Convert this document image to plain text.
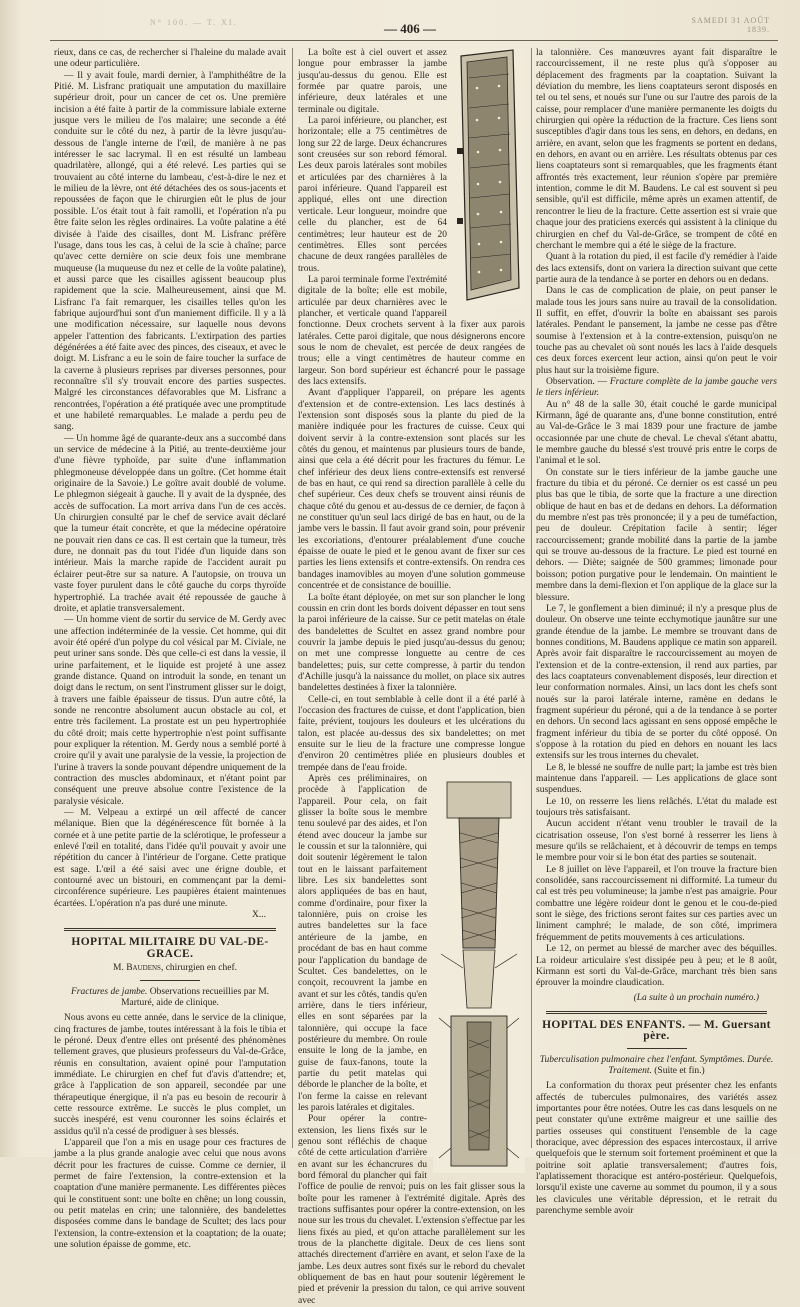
N° 100. — T. XI.	— 406 —
SAMEDI 31 AOÛT 1839.

rieux, dans ce cas, de rechercher si l'haleine du malade avait une odeur particulière.

— Il y avait foule, mardi dernier, à l'amphithéâtre de la Pitié. M. Lisfranc pratiquait une amputation du maxillaire supérieur droit, pour un cancer de cet os. Une première incision a été faite à partir de la commissure labiale externe jusque vers le milieu de l'os malaire; une seconde a été conduite sur le côté du nez, à partir de la lèvre jusqu'au-dessous de l'angle interne de l'œil, de manière à ne pas intéresser le sac lacrymal. Il en est résulté un lambeau quadrilatère, allongé, qui a été relevé. Les parties qui se trouvaient au côté interne du lambeau, c'est-à-dire le nez et le milieu de la lèvre, ont été détachées des os sous-jacents et repoussées de façon que le chirurgien eût le plus de jour possible. L'os était tout à fait ramolli, et l'opération n'a pu être faite selon les règles ordinaires. La voûte palatine a été divisée à l'aide des cisailles, dont M. Lisfranc préfère l'usage, dans tous les cas, à celui de la scie à chaîne; parce qu'avec cette dernière on scie deux fois une membrane muqueuse (la muqueuse du nez et celle de la voûte palatine), et aussi parce que les cisailles agissent beaucoup plus rapidement que la scie. Malheureusement, ainsi que M. Lisfranc l'a fait remarquer, les cisailles telles qu'on les fabrique aujourd'hui sont d'un maniement difficile. Il y a là une modification nécessaire, sur laquelle nous devons appeler l'attention des fabricants. L'extirpation des parties dégénérées a été faite avec des pinces, des ciseaux, et avec le doigt. M. Lisfranc a eu le soin de faire toucher la surface de la caverne à plusieurs reprises par diverses personnes, pour reconnaître s'il s'y trouvait encore des parties suspectes. Malgré les circonstances défavorables que M. Lisfranc a rencontrées, l'opération a été pratiquée avec une promptitude et une habileté remarquables. Le malade a perdu peu de sang.

— Un homme âgé de quarante-deux ans a succombé dans un service de médecine à la Pitié, au trente-deuxième jour d'une fièvre typhoïde, par suite d'une inflammation phlegmoneuse développée dans un goître. (Cet homme était originaire de la Savoie.) Le goître avait doublé de volume. Le phlegmon siégeait à gauche. Il y avait de la dyspnée, des accès de suffocation. La mort arriva dans l'un de ces accès. Un chirurgien consulté par le chef de service avait déclaré que la tumeur était concrète, et que la médecine opératoire ne pouvait rien dans ce cas. Il est certain que la tumeur, très dure, ne donnait pas du tout l'idée d'un liquide dans son intérieur. Mais la marche rapide de l'accident aurait pu éclairer peut-être sur sa nature. A l'autopsie, on trouva un vaste foyer purulent dans le côté gauche du corps thyroïde hypertrophié. La trachée avait été repoussée de gauche à droite, et aplatie transversalement.

— Un homme vient de sortir du service de M. Gerdy avec une affection indéterminée de la vessie. Cet homme, qui dit avoir été opéré d'un polype du col vésical par M. Civiale, ne peut uriner sans sonde. Dès que celle-ci est dans la vessie, il urine parfaitement, et le liquide est projeté à une assez grande distance. Quand on introduit la sonde, en tenant un doigt dans le rectum, on sent l'instrument glisser sur le doigt, à travers une faible épaisseur de tissus. D'un autre côté, la sonde ne rencontre absolument aucun obstacle au col, et entre très facilement. La prostate est un peu hypertrophiée du côté droit; mais cette hypertrophie n'est point suffisante pour expliquer la rétention. M. Gerdy nous a semblé porté à croire qu'il y avait une paralysie de la vessie, la projection de l'urine à travers la sonde pouvant dépendre uniquement de la contraction des muscles abdominaux, et n'étant point par conséquent une preuve absolue contre l'existence de la paralysie vésicale.

— M. Velpeau a extirpé un œil affecté de cancer mélanique. Bien que la dégénérescence fût bornée à la cornée et à une petite partie de la sclérotique, le professeur a enlevé l'œil en totalité, dans l'idée qu'il pouvait y avoir une répétition du cancer à l'intérieur de l'organe. Cette pratique est sage. L'œil a été saisi avec une érigne double, et contourné avec un bistouri, en commençant par la demi-circonférence supérieure. Les paupières étaient maintenues écartées. L'opération n'a pas duré une minute.

X...

HOPITAL MILITAIRE DU VAL-DE-GRACE.

M. Baudens, chirurgien en chef.

Fractures de jambe. Observations recueillies par M. Marturé, aide de clinique.

Nous avons eu cette année, dans le service de la clinique, cinq fractures de jambe, toutes intéressant à la fois le tibia et le péroné. Deux d'entre elles ont présenté des phénomènes tellement graves, que plusieurs professeurs du Val-de-Grâce, réunis en consultation, avaient opiné pour l'amputation immédiate. Le chirurgien en chef fut d'avis d'attendre; et, grâce à l'application de son appareil, secondée par une thérapeutique énergique, il n'a pas eu besoin de recourir à cette ressource extrême. Le succès le plus complet, un succès inespéré, est venu couronner les soins éclairés et assidus qu'il n'a cessé de prodiguer à ses blessés.

L'appareil que l'on a mis en usage pour ces fractures de jambe a la plus grande analogie avec celui que nous avons décrit pour les fractures de cuisse. Comme ce dernier, il permet de faire l'extension, la contre-extension et la coaptation d'une manière permanente. Les différentes pièces qui le constituent sont: une boîte en chêne; un long coussin, ou petit matelas en crin; une talonnière, des bandelettes disposées comme dans le bandage de Scultet; des lacs pour l'extension, la contre-extension et la coaptation; de la ouate; une solution épaisse de gomme, etc.

La boîte est à ciel ouvert et assez longue pour embrasser la jambe jusqu'au-dessus du genou. Elle est formée par quatre parois, une inférieure, deux latérales et une terminale ou digitale.

La paroi inférieure, ou plancher, est horizontale; elle a 75 centimètres de long sur 22 de large. Deux échancrures sont creusées sur son rebord fémoral. Les deux parois latérales sont mobiles et articulées par des charnières à la paroi inférieure. Quand l'appareil est appliqué, elles ont une direction verticale. Leur longueur, moindre que celle du plancher, est de 64 centimètres; leur hauteur est de 20 centimètres. Elles sont percées chacune de deux rangées parallèles de trous.

La paroi terminale forme l'extrémité digitale de la boîte; elle est mobile, articulée par deux charnières avec le plancher, et verticale quand l'appareil fonctionne. Deux crochets servent à la fixer aux parois latérales. Cette paroi digitale, que nous désignerons encore sous le nom de chevalet, est percée de deux rangées de trous; elle a vingt centimètres de hauteur comme en largeur. Son bord supérieur est échancré pour le passage des lacs extensifs.

Avant d'appliquer l'appareil, on prépare les agents d'extension et de contre-extension. Les lacs destinés à l'extension sont disposés sous la plante du pied de la manière indiquée pour les fractures de cuisse. Ceux qui doivent servir à la contre-extension sont placés sur les côtés du genou, et maintenus par plusieurs tours de bande, ainsi que cela a été décrit pour les fractures du fémur. Le chef inférieur des deux liens contre-extensifs est renversé de bas en haut, ce qui rend sa direction parallèle à celle du chef supérieur. Ces deux chefs se trouvent ainsi réunis de chaque côté du genou et au-dessus de ce dernier, de façon à ne constituer qu'un seul lacs dirigé de bas en haut, ou de la jambe vers le bassin. Il faut avoir grand soin, pour prévenir les excoriations, d'entourer préalablement d'une couche épaisse de ouate le pied et le genou avant de fixer sur ces parties les liens extensifs et contre-extensifs. On rendra ces bandages inamovibles au moyen d'une solution gommeuse concentrée et de consistance de bouillie.

La boîte étant déployée, on met sur son plancher le long coussin en crin dont les bords doivent dépasser en tout sens la paroi inférieure de la caisse. Sur ce petit matelas on étale des bandelettes de Scultet en assez grand nombre pour couvrir la jambe depuis le pied jusqu'au-dessus du genou; on met une compresse longuette au centre de ces bandelettes; puis, sur cette compresse, à partir du tendon d'Achille jusqu'à la naissance du mollet, on place six autres bandelettes destinées à fixer la talonnière.

Celle-ci, en tout semblable à celle dont il a été parlé à l'occasion des fractures de cuisse, et dont l'application, bien faite, prévient, toujours les douleurs et les ulcérations du talon, est placée au-dessus des six bandelettes; on met ensuite sur le lieu de la fracture une compresse longue d'environ 20 centimètres pliée en plusieurs doubles et trempée dans de l'eau froide.

Après ces préliminaires, on procède à l'application de l'appareil. Pour cela, on fait glisser la boîte sous le membre tenu soulevé par des aides, et l'on étend avec douceur la jambe sur le coussin et sur la talonnière, qui doit soutenir légèrement le talon tout en le laissant parfaitement libre. Les six bandelettes sont alors appliquées de bas en haut, comme d'ordinaire, pour fixer la talonnière, puis on croise les autres bandelettes sur la face antérieure de la jambe, en procédant de bas en haut comme pour l'application du bandage de Scultet. Ces bandelettes, on le conçoit, recouvrent la jambe en avant et sur les côtés, tandis qu'en arrière, dans le tiers inférieur, elles en sont séparées par la talonnière, qui occupe la face postérieure du membre. On roule ensuite le long de la jambe, en guise de faux-fanons, toute la partie du petit matelas qui déborde le plancher de la boîte, et l'on ferme la caisse en relevant les parois latérales et digitales.

Pour opérer la contre-extension, les liens fixés sur le genou sont réfléchis de chaque côté de cette articulation d'arrière en avant sur les échancrures du bord fémoral du plancher qui fait l'office de poulie de renvoi; puis on les fait glisser sous la boîte pour les ramener à l'extrémité digitale. Après des tractions suffisantes pour opérer la contre-extension, on les noue sur les trous du chevalet. L'extension s'effectue par les liens fixés au pied, et qu'on attache parallèlement sur les trous de la planchette digitale. Deux de ces liens sont attachés directement d'arrière en avant, et selon l'axe de la jambe. Les deux autres sont fixés sur le rebord du chevalet obliquement de bas en haut pour soutenir légèrement le pied et prévenir la pression du talon, ce qui arrive souvent avec

la talonnière. Ces manœuvres ayant fait disparaître le raccourcissement, il ne reste plus qu'à s'opposer au déplacement des fragments par la coaptation. Suivant la déviation du membre, les liens coaptateurs seront disposés en tel ou tel sens, et noués sur l'une ou sur l'autre des parois de la caisse, pour remplacer d'une manière permanente les doigts du chirurgien qui opère la réduction de la fracture. Ces liens sont susceptibles d'agir dans tous les sens, en dehors, en dedans, en arrière, en avant, selon que les fragments se portent en dedans, en dehors, en avant ou en arrière. Les résultats obtenus par ces liens coaptateurs sont si remarquables, que les fragments étant affrontés très exactement, leur réunion s'opère par première intention, comme le dit M. Baudens. Le cal est souvent si peu sensible, qu'il est difficile, même après un examen attentif, de rencontrer le lieu de la fracture. Cette assertion est si vraie que chaque jour des praticiens exercés qui assistent à la clinique du chirurgien en chef du Val-de-Grâce, se trompent de côté en cherchant le membre qui a été le siège de la fracture.

Quant à la rotation du pied, il est facile d'y remédier à l'aide des lacs extensifs, dont on variera la direction suivant que cette partie aura de la tendance à se porter en dehors ou en dedans.

Dans le cas de complication de plaie, on peut panser le malade tous les jours sans nuire au travail de la consolidation. Il suffit, en effet, d'ouvrir la boîte en abaissant ses parois latérales. Pendant le pansement, la jambe ne cesse pas d'être soumise à l'extension et à la contre-extension, puisqu'on ne touche pas au chevalet où sont noués les lacs à l'aide desquels ces deux forces exercent leur action, ainsi qu'on peut le voir plus haut sur la troisième figure.

Observation. — Fracture complète de la jambe gauche vers le tiers inférieur.

Au n° 48 de la salle 30, était couché le garde municipal Kirmann, âgé de quarante ans, d'une bonne constitution, entré au Val-de-Grâce le 3 mai 1839 pour une fracture de jambe occasionnée par une chute de cheval. Le cheval s'étant abattu, le membre gauche du blessé s'est trouvé pris entre le corps de l'animal et le sol.

On constate sur le tiers inférieur de la jambe gauche une fracture du tibia et du péroné. Ce dernier os est cassé un peu plus bas que le tibia, de sorte que la fracture a une direction oblique de haut en bas et de dedans en dehors. La déformation du membre n'est pas très prononcée; il y a peu de tuméfaction, peu de douleur. Crépitation facile à sentir; léger raccourcissement; grande mobilité dans la partie de la jambe qui se trouve au-dessous de la fracture. Le pied est tourné en dehors. — Diète; saignée de 500 grammes; limonade pour boisson; potion purgative pour le lendemain. On maintient le membre dans la demi-flexion et l'on applique de la glace sur la blessure.

Le 7, le gonflement a bien diminué; il n'y a presque plus de douleur. On observe une teinte ecchymotique jaunâtre sur une grande étendue de la jambe. Le membre se trouvant dans de bonnes conditions, M. Baudens applique ce matin son appareil. Après avoir fait disparaître le raccourcissement au moyen de l'extension et de la contre-extension, il rend aux parties, par des lacs coaptateurs convenablement disposés, leur direction et leur conformation normales. Ainsi, un lacs dont les chefs sont noués sur la paroi latérale interne, ramène en dedans le fragment supérieur du péroné, qui a de la tendance à se porter en dehors. Un second lacs agissant en sens opposé empêche le fragment inférieur du tibia de se porter du côté opposé. On s'oppose à la rotation du pied en dehors en nouant les lacs extensifs sur les trous internes du chevalet.

Le 8, le blessé ne souffre de nulle part; la jambe est très bien maintenue dans l'appareil. — Les applications de glace sont suspendues.

Le 10, on resserre les liens relâchés. L'état du malade est toujours très satisfaisant.

Aucun accident n'étant venu troubler le travail de la cicatrisation osseuse, l'on s'est borné à resserrer les liens à mesure qu'ils se relâchaient, et à découvrir de temps en temps le membre pour voir si le bon état des parties se soutenait.

Le 8 juillet on lève l'appareil, et l'on trouve la fracture bien consolidée, sans raccourcissement ni difformité. La tumeur du cal est très peu volumineuse; la jambe n'est pas amaigrie. Pour combattre une légère roideur dont le genou et le cou-de-pied sont le siège, des frictions seront faites sur ces parties avec un liniment camphré; le malade, de son côté, imprimera fréquemment de petits mouvements à ces articulations.

Le 12, on permet au blessé de marcher avec des béquilles. La roideur articulaire s'est dissipée peu à peu; et le 8 août, Kirmann est sorti du Val-de-Grâce, marchant très bien sans éprouver la moindre claudication.

(La suite à un prochain numéro.)

HOPITAL DES ENFANTS. — M. Guersant père.

Tuberculisation pulmonaire chez l'enfant. Symptômes. Durée. Traitement. (Suite et fin.)

La conformation du thorax peut présenter chez les enfants affectés de tubercules pulmonaires, des variétés assez importantes pour être notées. Outre les cas dans lesquels on ne peut constater qu'une extrême maigreur et une saillie des parties osseuses qui constituent l'ensemble de la cage thoracique, avec dépression des espaces intercostaux, il arrive quelquefois que le sternum soit fortement proéminent et que la poitrine soit aplatie transversalement; d'autres fois, l'aplatissement thoracique est antéro-postérieur. Quelquefois, lorsqu'il existe une caverne au sommet du poumon, il y a sous les clavicules une véritable dépression, et le retrait du parenchyme semble avoir
